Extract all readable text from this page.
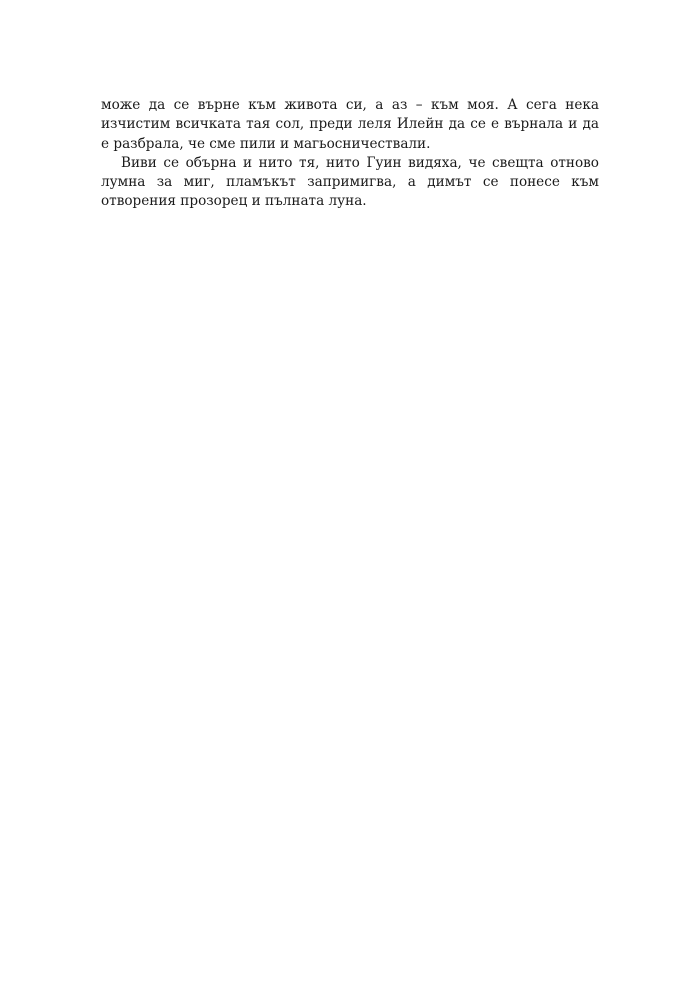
може да се върне към живота си, а аз – към моя. А сега нека изчистим всичката тая сол, преди леля Илейн да се е върнала и да е разбрала, че сме пили и магьосничествали.

Виви се обърна и нито тя, нито Гуин видяха, че свещта отново лумна за миг, пламъкът запримигва, а димът се понесе към отворения прозорец и пълната луна.
